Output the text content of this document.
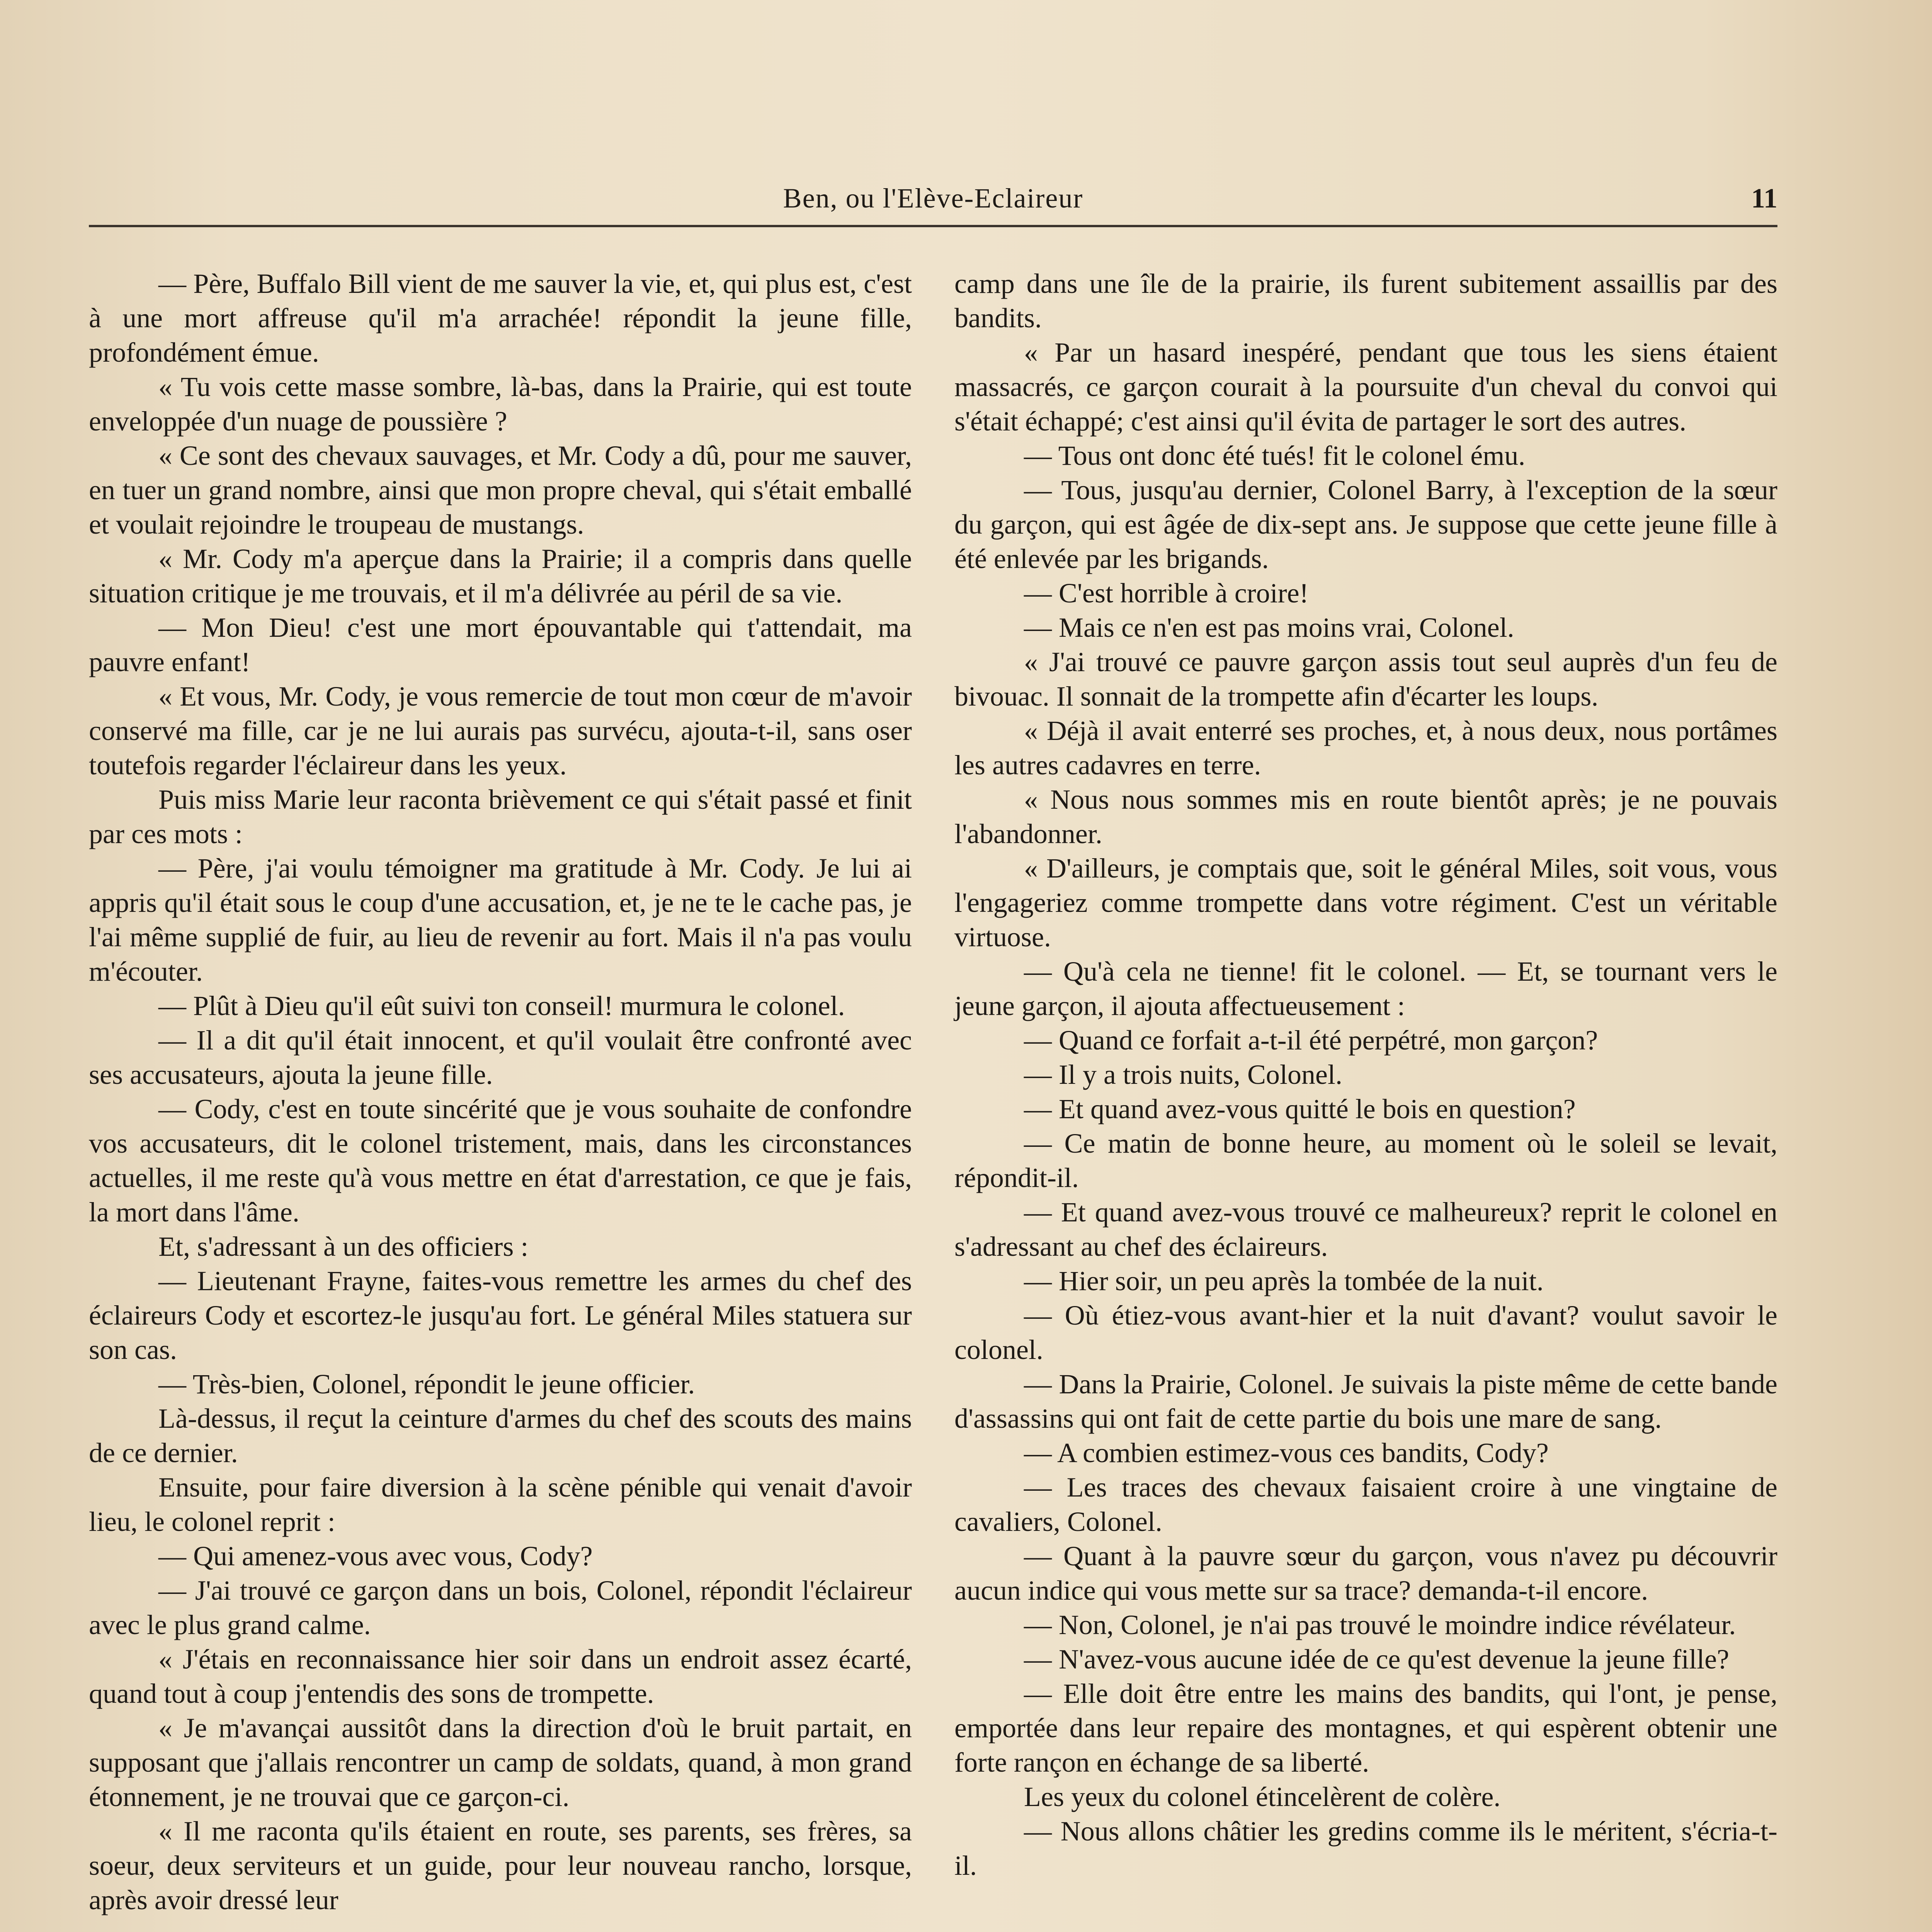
Ben, ou l'Elève-Eclaireur	11

— Père, Buffalo Bill vient de me sauver la vie, et, qui plus est, c'est à une mort affreuse qu'il m'a arrachée! répondit la jeune fille, profondément émue.

« Tu vois cette masse sombre, là-bas, dans la Prairie, qui est toute enveloppée d'un nuage de poussière ?

« Ce sont des chevaux sauvages, et Mr. Cody a dû, pour me sauver, en tuer un grand nombre, ainsi que mon propre cheval, qui s'était emballé et voulait rejoindre le troupeau de mustangs.

« Mr. Cody m'a aperçue dans la Prairie; il a compris dans quelle situation critique je me trouvais, et il m'a délivrée au péril de sa vie.

— Mon Dieu! c'est une mort épouvantable qui t'attendait, ma pauvre enfant!

« Et vous, Mr. Cody, je vous remercie de tout mon cœur de m'avoir conservé ma fille, car je ne lui aurais pas survécu, ajouta-t-il, sans oser toutefois regarder l'éclaireur dans les yeux.

Puis miss Marie leur raconta brièvement ce qui s'était passé et finit par ces mots :

— Père, j'ai voulu témoigner ma gratitude à Mr. Cody. Je lui ai appris qu'il était sous le coup d'une accusation, et, je ne te le cache pas, je l'ai même supplié de fuir, au lieu de revenir au fort. Mais il n'a pas voulu m'écouter.

— Plût à Dieu qu'il eût suivi ton conseil! murmura le colonel.

— Il a dit qu'il était innocent, et qu'il voulait être confronté avec ses accusateurs, ajouta la jeune fille.

— Cody, c'est en toute sincérité que je vous souhaite de confondre vos accusateurs, dit le colonel tristement, mais, dans les circonstances actuelles, il me reste qu'à vous mettre en état d'arrestation, ce que je fais, la mort dans l'âme.

Et, s'adressant à un des officiers :

— Lieutenant Frayne, faites-vous remettre les armes du chef des éclaireurs Cody et escortez-le jusqu'au fort. Le général Miles statuera sur son cas.

— Très-bien, Colonel, répondit le jeune officier.

Là-dessus, il reçut la ceinture d'armes du chef des scouts des mains de ce dernier.

Ensuite, pour faire diversion à la scène pénible qui venait d'avoir lieu, le colonel reprit :

— Qui amenez-vous avec vous, Cody?

— J'ai trouvé ce garçon dans un bois, Colonel, répondit l'éclaireur avec le plus grand calme.

« J'étais en reconnaissance hier soir dans un endroit assez écarté, quand tout à coup j'entendis des sons de trompette.

« Je m'avançai aussitôt dans la direction d'où le bruit partait, en supposant que j'allais rencontrer un camp de soldats, quand, à mon grand étonnement, je ne trouvai que ce garçon-ci.

« Il me raconta qu'ils étaient en route, ses parents, ses frères, sa soeur, deux serviteurs et un guide, pour leur nouveau rancho, lorsque, après avoir dressé leur

camp dans une île de la prairie, ils furent subitement assaillis par des bandits.

« Par un hasard inespéré, pendant que tous les siens étaient massacrés, ce garçon courait à la poursuite d'un cheval du convoi qui s'était échappé; c'est ainsi qu'il évita de partager le sort des autres.

— Tous ont donc été tués! fit le colonel ému.

— Tous, jusqu'au dernier, Colonel Barry, à l'exception de la sœur du garçon, qui est âgée de dix-sept ans. Je suppose que cette jeune fille à été enlevée par les brigands.

— C'est horrible à croire!

— Mais ce n'en est pas moins vrai, Colonel.

« J'ai trouvé ce pauvre garçon assis tout seul auprès d'un feu de bivouac. Il sonnait de la trompette afin d'écarter les loups.

« Déjà il avait enterré ses proches, et, à nous deux, nous portâmes les autres cadavres en terre.

« Nous nous sommes mis en route bientôt après; je ne pouvais l'abandonner.

« D'ailleurs, je comptais que, soit le général Miles, soit vous, vous l'engageriez comme trompette dans votre régiment. C'est un véritable virtuose.

— Qu'à cela ne tienne! fit le colonel. — Et, se tournant vers le jeune garçon, il ajouta affectueusement :

— Quand ce forfait a-t-il été perpétré, mon garçon?

— Il y a trois nuits, Colonel.

— Et quand avez-vous quitté le bois en question?

— Ce matin de bonne heure, au moment où le soleil se levait, répondit-il.

— Et quand avez-vous trouvé ce malheureux? reprit le colonel en s'adressant au chef des éclaireurs.

— Hier soir, un peu après la tombée de la nuit.

— Où étiez-vous avant-hier et la nuit d'avant? voulut savoir le colonel.

— Dans la Prairie, Colonel. Je suivais la piste même de cette bande d'assassins qui ont fait de cette partie du bois une mare de sang.

— A combien estimez-vous ces bandits, Cody?

— Les traces des chevaux faisaient croire à une vingtaine de cavaliers, Colonel.

— Quant à la pauvre sœur du garçon, vous n'avez pu découvrir aucun indice qui vous mette sur sa trace? demanda-t-il encore.

— Non, Colonel, je n'ai pas trouvé le moindre indice révélateur.

— N'avez-vous aucune idée de ce qu'est devenue la jeune fille?

— Elle doit être entre les mains des bandits, qui l'ont, je pense, emportée dans leur repaire des montagnes, et qui espèrent obtenir une forte rançon en échange de sa liberté.

Les yeux du colonel étincelèrent de colère.

— Nous allons châtier les gredins comme ils le méritent, s'écria-t-il.
